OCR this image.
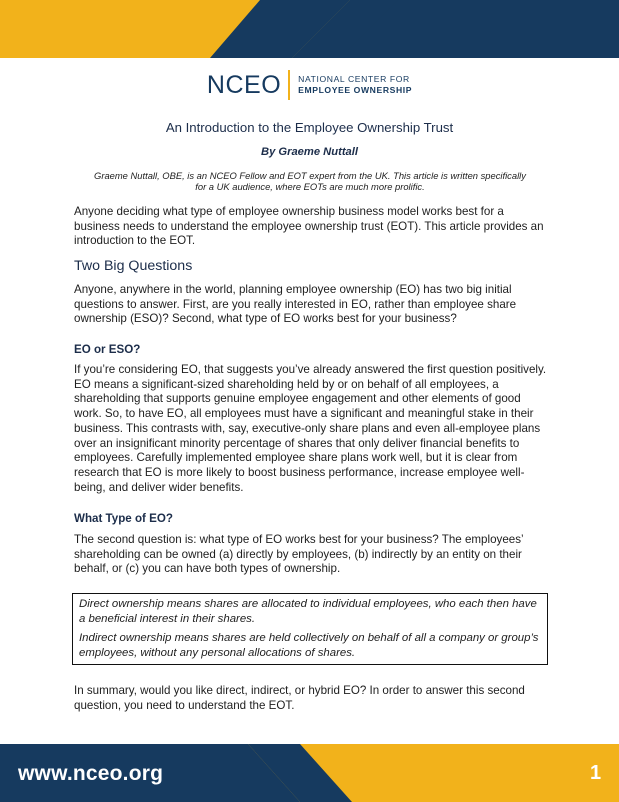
NCEO NATIONAL CENTER FOR
EMPLOYEE OWNERSHIP
An Introduction to the Employee Ownership Trust
By Graeme Nuttall
Graeme Nuttall, OBE, is an NCEO Fellow and EOT expert from the UK. This article is written specifically for a UK audience, where EOTs are much more prolific.

Anyone deciding what type of employee ownership business model works best for a business needs to understand the employee ownership trust (EOT). This article provides an introduction to the EOT.

Two Big Questions

Anyone, anywhere in the world, planning employee ownership (EO) has two big initial questions to answer. First, are you really interested in EO, rather than employee share ownership (ESO)? Second, what type of EO works best for your business?

EO or ESO?

If you’re considering EO, that suggests you’ve already answered the first question positively. EO means a significant-sized shareholding held by or on behalf of all employees, a shareholding that supports genuine employee engagement and other elements of good work. So, to have EO, all employees must have a significant and meaningful stake in their business. This contrasts with, say, executive-only share plans and even all-employee plans over an insignificant minority percentage of shares that only deliver financial benefits to employees. Carefully implemented employee share plans work well, but it is clear from research that EO is more likely to boost business performance, increase employee well-being, and deliver wider benefits.

What Type of EO?

The second question is: what type of EO works best for your business? The employees’ shareholding can be owned (a) directly by employees, (b) indirectly by an entity on their behalf, or (c) you can have both types of ownership.

Direct ownership means shares are allocated to individual employees, who each then have a beneficial interest in their shares.

Indirect ownership means shares are held collectively on behalf of all a company or group’s employees, without any personal allocations of shares.

In summary, would you like direct, indirect, or hybrid EO? In order to answer this second question, you need to understand the EOT.

www.nceo.org	1
